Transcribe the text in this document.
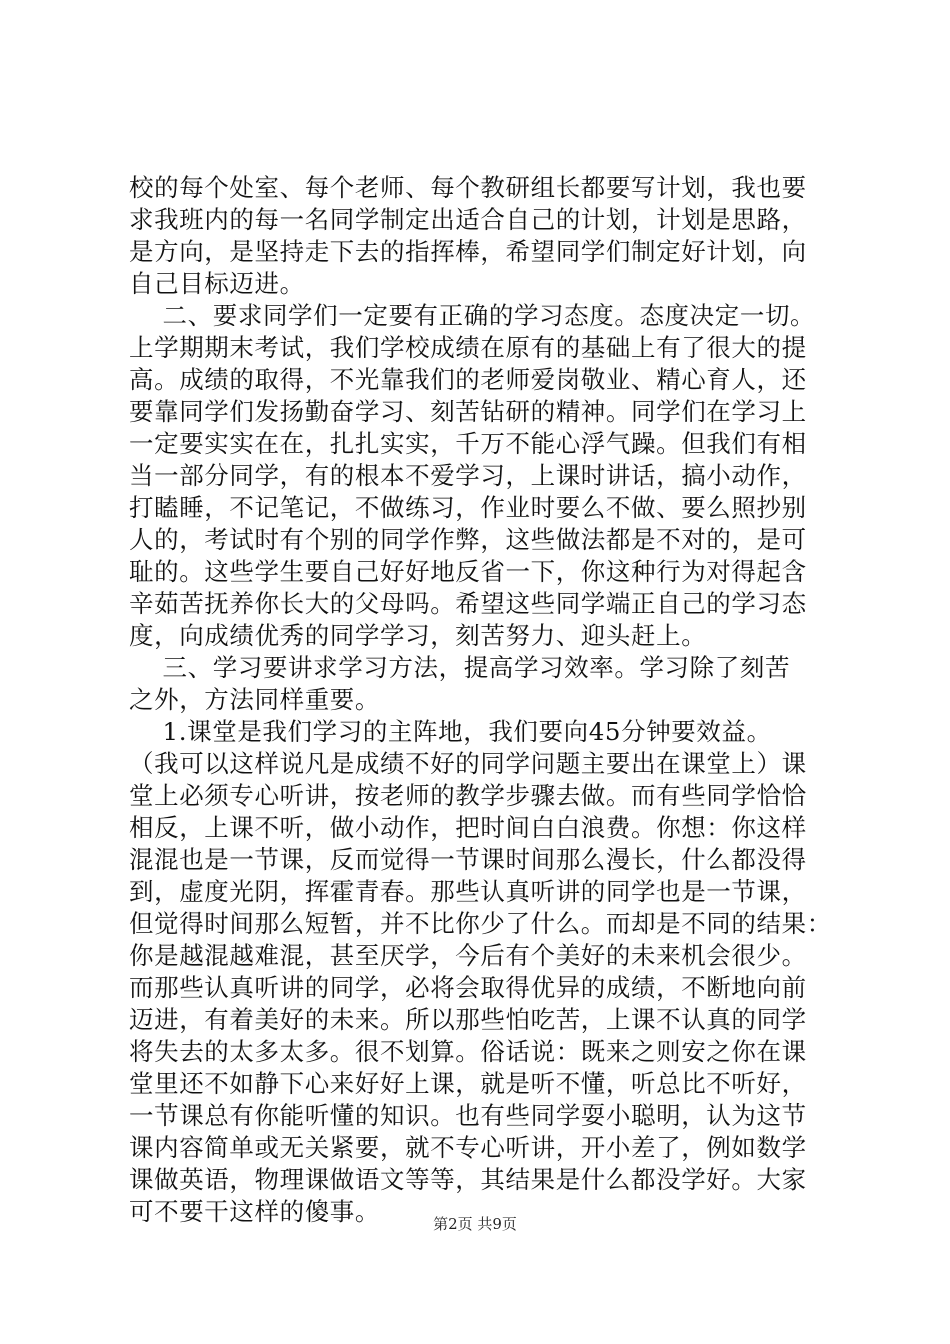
校的每个处室、每个老师、每个教研组长都要写计划，我也要
求我班内的每一名同学制定出适合自己的计划，计划是思路，
是方向，是坚持走下去的指挥棒，希望同学们制定好计划，向
自己目标迈进。
二、要求同学们一定要有正确的学习态度。态度决定一切。
上学期期末考试，我们学校成绩在原有的基础上有了很大的提
高。成绩的取得，不光靠我们的老师爱岗敬业、精心育人，还
要靠同学们发扬勤奋学习、刻苦钻研的精神。同学们在学习上
一定要实实在在，扎扎实实，千万不能心浮气躁。但我们有相
当一部分同学，有的根本不爱学习，上课时讲话，搞小动作，
打瞌睡，不记笔记，不做练习，作业时要么不做、要么照抄别
人的，考试时有个别的同学作弊，这些做法都是不对的，是可
耻的。这些学生要自己好好地反省一下，你这种行为对得起含
辛茹苦抚养你长大的父母吗。希望这些同学端正自己的学习态
度，向成绩优秀的同学学习，刻苦努力、迎头赶上。
三、学习要讲求学习方法，提高学习效率。学习除了刻苦
之外，方法同样重要。
1.课堂是我们学习的主阵地，我们要向45分钟要效益。
（我可以这样说凡是成绩不好的同学问题主要出在课堂上）课
堂上必须专心听讲，按老师的教学步骤去做。而有些同学恰恰
相反，上课不听，做小动作，把时间白白浪费。你想：你这样
混混也是一节课，反而觉得一节课时间那么漫长，什么都没得
到，虚度光阴，挥霍青春。那些认真听讲的同学也是一节课，
但觉得时间那么短暂，并不比你少了什么。而却是不同的结果：
你是越混越难混，甚至厌学，今后有个美好的未来机会很少。
而那些认真听讲的同学，必将会取得优异的成绩，不断地向前
迈进，有着美好的未来。所以那些怕吃苦，上课不认真的同学
将失去的太多太多。很不划算。俗话说：既来之则安之你在课
堂里还不如静下心来好好上课，就是听不懂，听总比不听好，
一节课总有你能听懂的知识。也有些同学耍小聪明，认为这节
课内容简单或无关紧要，就不专心听讲，开小差了，例如数学
课做英语，物理课做语文等等，其结果是什么都没学好。大家
可不要干这样的傻事。	第2页 共9页
